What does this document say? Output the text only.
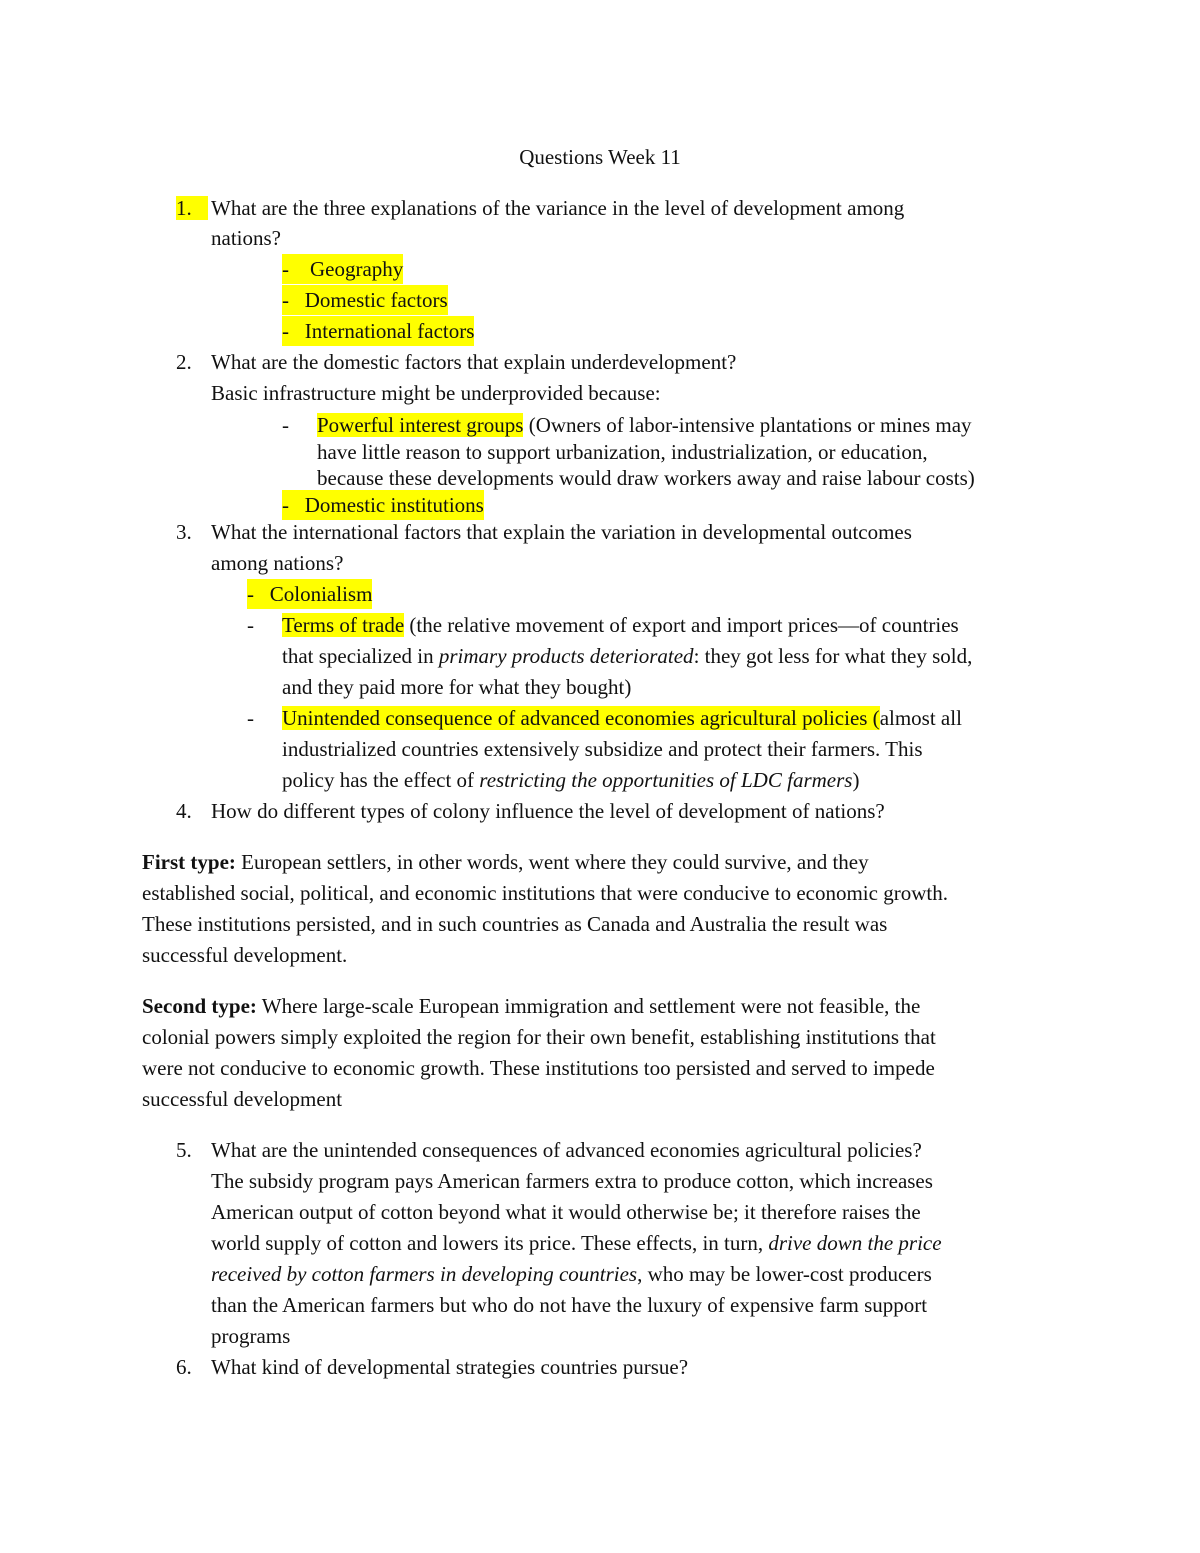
Questions Week 11
1. What are the three explanations of the variance in the level of development among
nations?
- Geography
- Domestic factors
- International factors
2. What are the domestic factors that explain underdevelopment?
Basic infrastructure might be underprovided because:
- Powerful interest groups (Owners of labor-intensive plantations or mines may
have little reason to support urbanization, industrialization, or education,
because these developments would draw workers away and raise labour costs)
- Domestic institutions
3. What the international factors that explain the variation in developmental outcomes
among nations?
- Colonialism
- Terms of trade (the relative movement of export and import prices—of countries
that specialized in primary products deteriorated: they got less for what they sold,
and they paid more for what they bought)
- Unintended consequence of advanced economies agricultural policies (almost all
industrialized countries extensively subsidize and protect their farmers. This
policy has the effect of restricting the opportunities of LDC farmers)
4. How do different types of colony influence the level of development of nations?
First type: European settlers, in other words, went where they could survive, and they
established social, political, and economic institutions that were conducive to economic growth.
These institutions persisted, and in such countries as Canada and Australia the result was
successful development.
Second type: Where large-scale European immigration and settlement were not feasible, the
colonial powers simply exploited the region for their own benefit, establishing institutions that
were not conducive to economic growth. These institutions too persisted and served to impede
successful development
5. What are the unintended consequences of advanced economies agricultural policies?
The subsidy program pays American farmers extra to produce cotton, which increases
American output of cotton beyond what it would otherwise be; it therefore raises the
world supply of cotton and lowers its price. These effects, in turn, drive down the price
received by cotton farmers in developing countries, who may be lower-cost producers
than the American farmers but who do not have the luxury of expensive farm support
programs
6. What kind of developmental strategies countries pursue?
